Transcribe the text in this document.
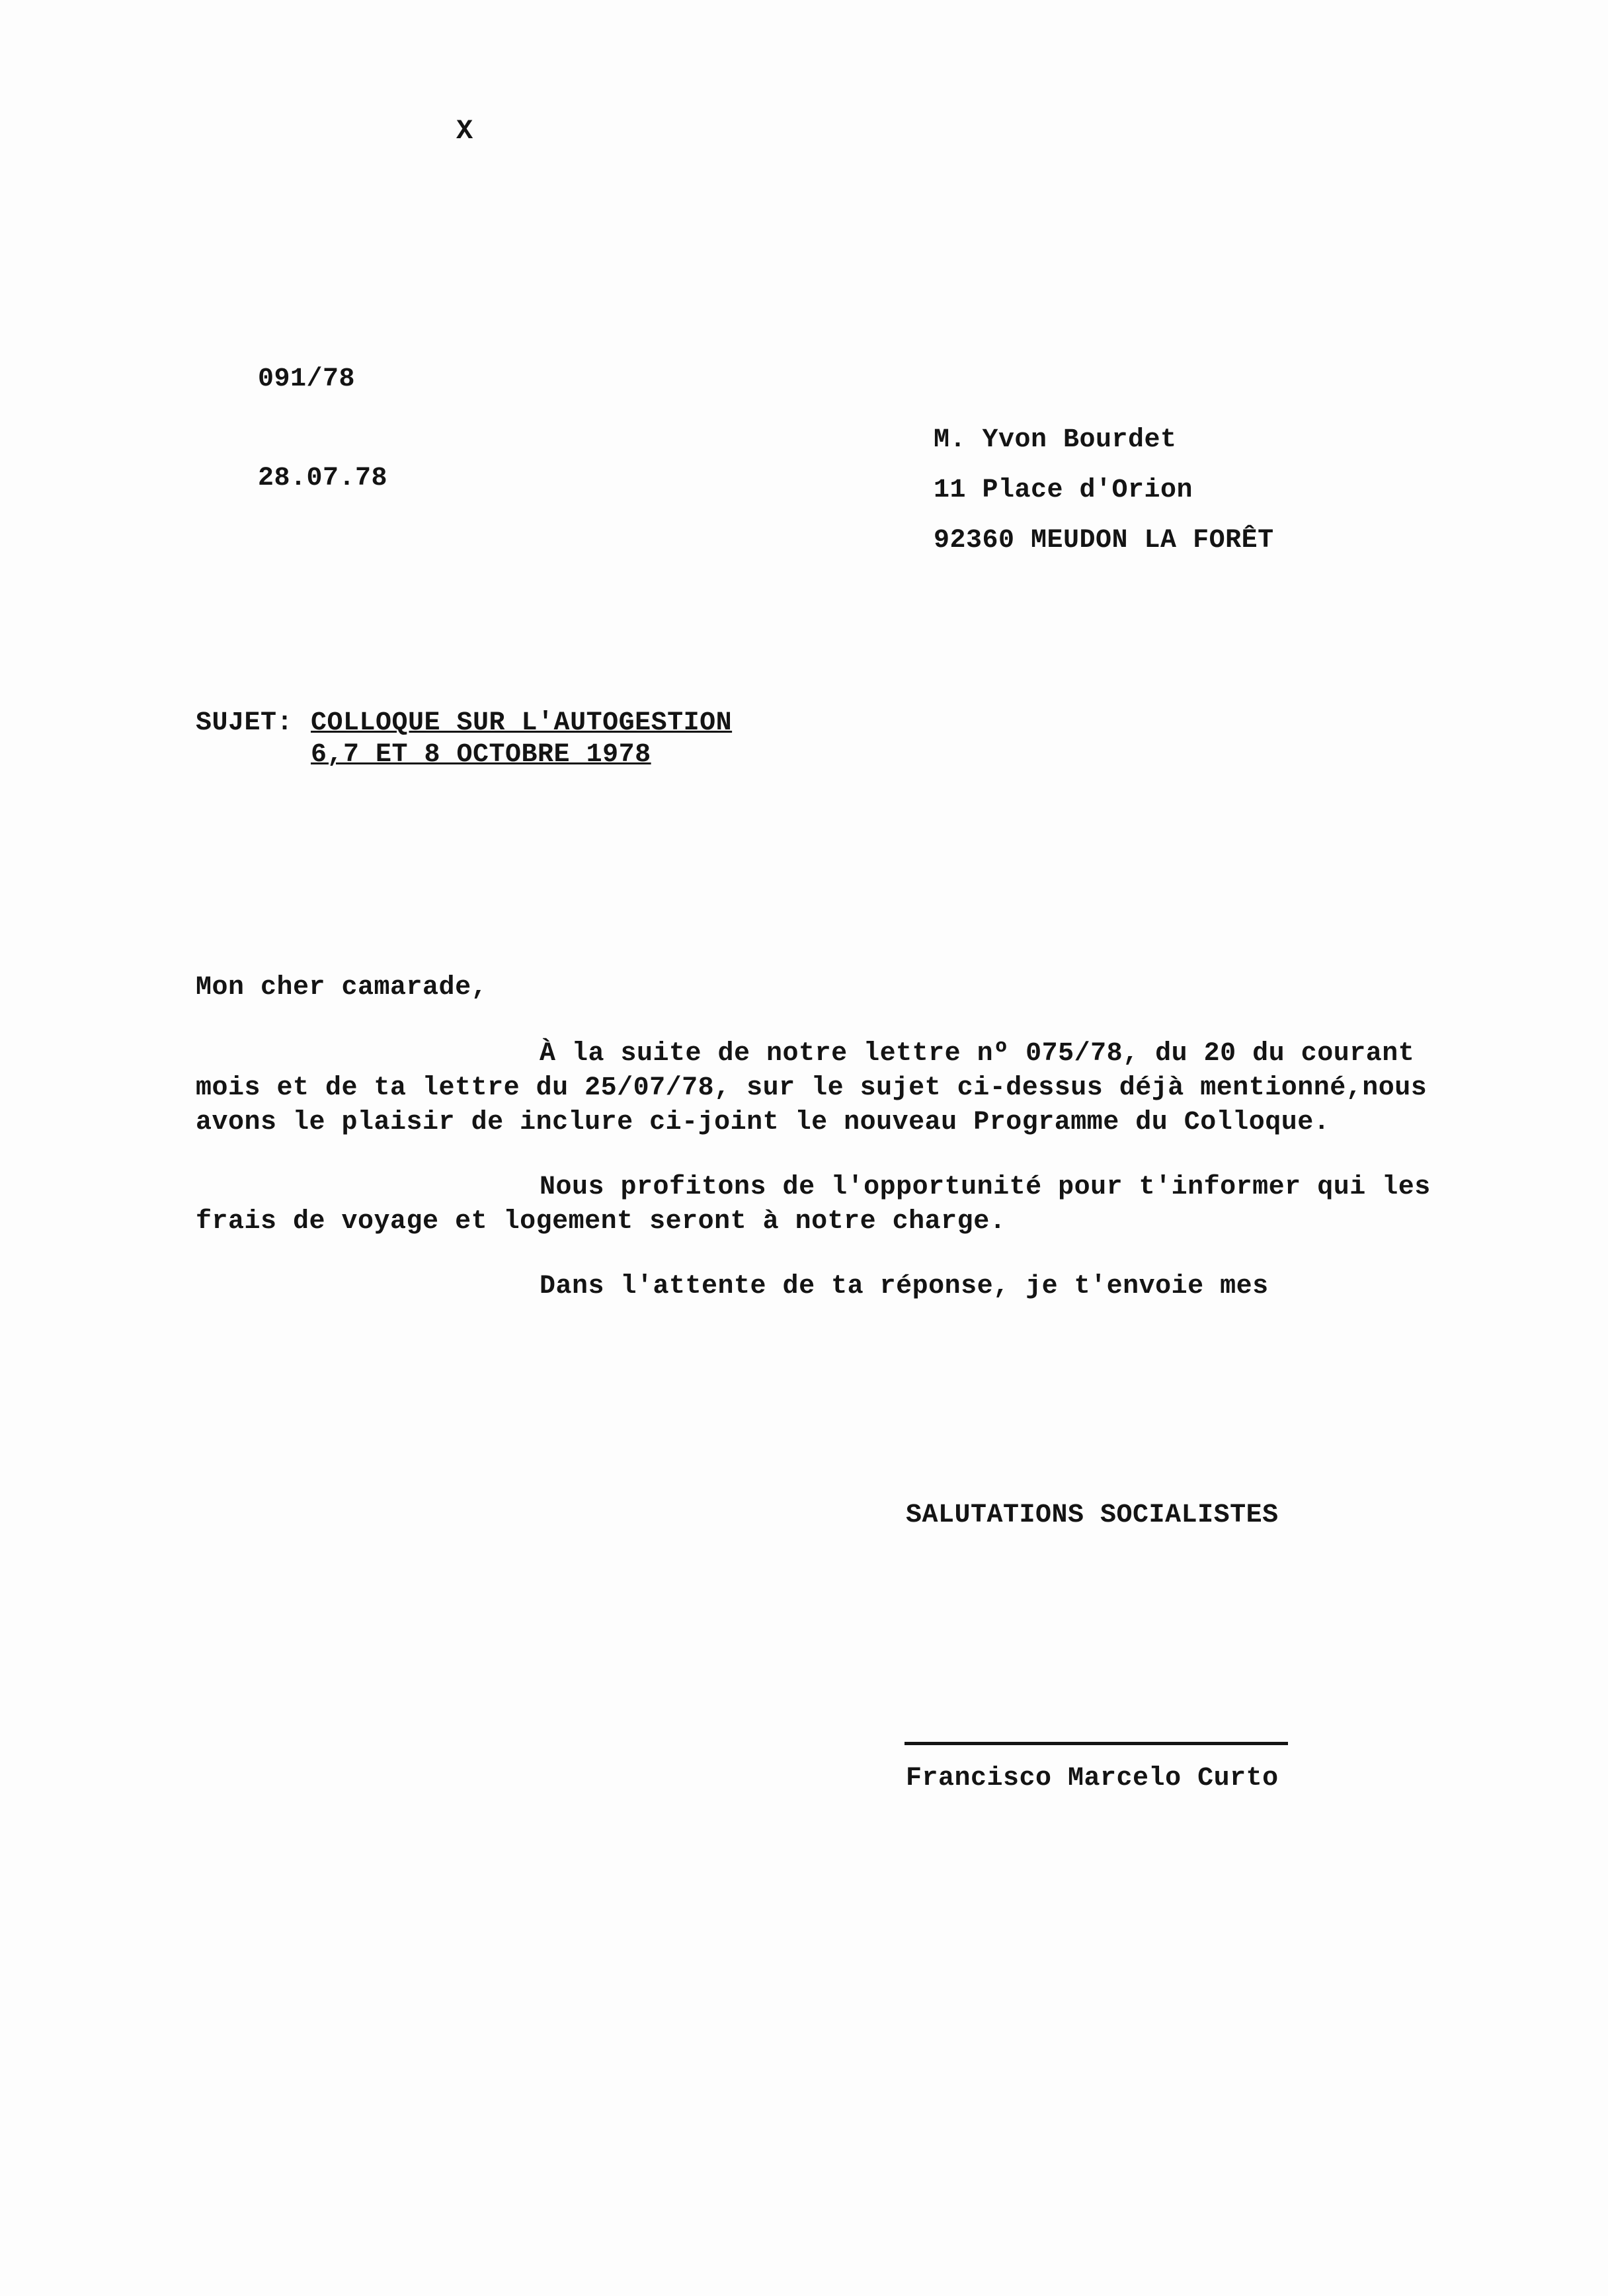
X
091/78
28.07.78
M. Yvon Bourdet
11 Place d'Orion
92360 MEUDON LA FORÊT
SUJET: COLLOQUE SUR L'AUTOGESTION
6,7 ET 8 OCTOBRE 1978
Mon cher camarade,
À la suite de notre lettre nº 075/78, du 20 du courant
mois et de ta lettre du 25/07/78, sur le sujet ci-dessus déjà mentionné,nous
avons le plaisir de inclure ci-joint le nouveau Programme du Colloque.
Nous profitons de l'opportunité pour t'informer qui les
frais de voyage et logement seront à notre charge.
Dans l'attente de ta réponse, je t'envoie mes
SALUTATIONS SOCIALISTES
Francisco Marcelo Curto
